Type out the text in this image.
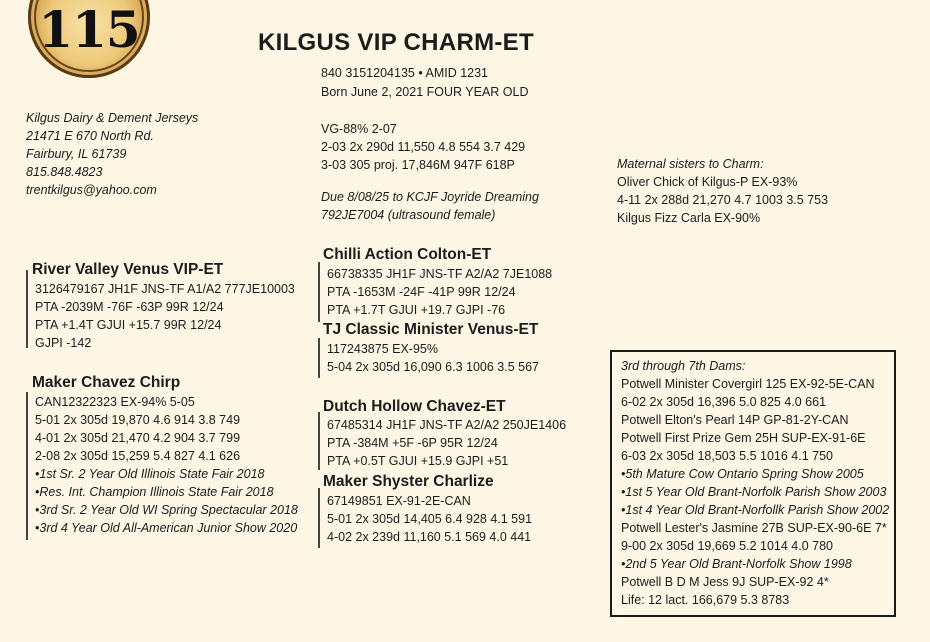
115	KILGUS VIP CHARM-ET
840 3151204135 • AMID 1231
Born June 2, 2021 FOUR YEAR OLD
VG-88% 2-07
2-03 2x 290d 11,550 4.8 554 3.7 429
3-03 305 proj. 17,846M 947F 618P
Due 8/08/25 to KCJF Joyride Dreaming
792JE7004 (ultrasound female)
Kilgus Dairy & Dement Jerseys
21471 E 670 North Rd.
Fairbury, IL 61739
815.848.4823
trentkilgus@yahoo.com
Maternal sisters to Charm:
Oliver Chick of Kilgus-P EX-93%
4-11 2x 288d 21,270 4.7 1003 3.5 753
Kilgus Fizz Carla EX-90%
River Valley Venus VIP-ET
3126479167 JH1F JNS-TF A1/A2 777JE10003
PTA -2039M -76F -63P 99R 12/24
PTA +1.4T GJUI +15.7 99R 12/24
GJPI -142
Chilli Action Colton-ET
66738335 JH1F JNS-TF A2/A2 7JE1088
PTA -1653M -24F -41P 99R 12/24
PTA +1.7T GJUI +19.7 GJPI -76
TJ Classic Minister Venus-ET
117243875 EX-95%
5-04 2x 305d 16,090 6.3 1006 3.5 567
Maker Chavez Chirp
CAN12322323 EX-94% 5-05
5-01 2x 305d 19,870 4.6 914 3.8 749
4-01 2x 305d 21,470 4.2 904 3.7 799
2-08 2x 305d 15,259 5.4 827 4.1 626
•1st Sr. 2 Year Old Illinois State Fair 2018
•Res. Int. Champion Illinois State Fair 2018
•3rd Sr. 2 Year Old WI Spring Spectacular 2018
•3rd 4 Year Old All-American Junior Show 2020
Dutch Hollow Chavez-ET
67485314 JH1F JNS-TF A2/A2 250JE1406
PTA -384M +5F -6P 95R 12/24
PTA +0.5T GJUI +15.9 GJPI +51
Maker Shyster Charlize
67149851 EX-91-2E-CAN
5-01 2x 305d 14,405 6.4 928 4.1 591
4-02 2x 239d 11,160 5.1 569 4.0 441
3rd through 7th Dams:
Potwell Minister Covergirl 125 EX-92-5E-CAN
6-02 2x 305d 16,396 5.0 825 4.0 661
Potwell Elton's Pearl 14P GP-81-2Y-CAN
Potwell First Prize Gem 25H SUP-EX-91-6E
6-03 2x 305d 18,503 5.5 1016 4.1 750
•5th Mature Cow Ontario Spring Show 2005
•1st 5 Year Old Brant-Norfolk Parish Show 2003
•1st 4 Year Old Brant-Norfollk Parish Show 2002
Potwell Lester's Jasmine 27B SUP-EX-90-6E 7*
9-00 2x 305d 19,669 5.2 1014 4.0 780
•2nd 5 Year Old Brant-Norfolk Show 1998
Potwell B D M Jess 9J SUP-EX-92 4*
Life: 12 lact. 166,679 5.3 8783
